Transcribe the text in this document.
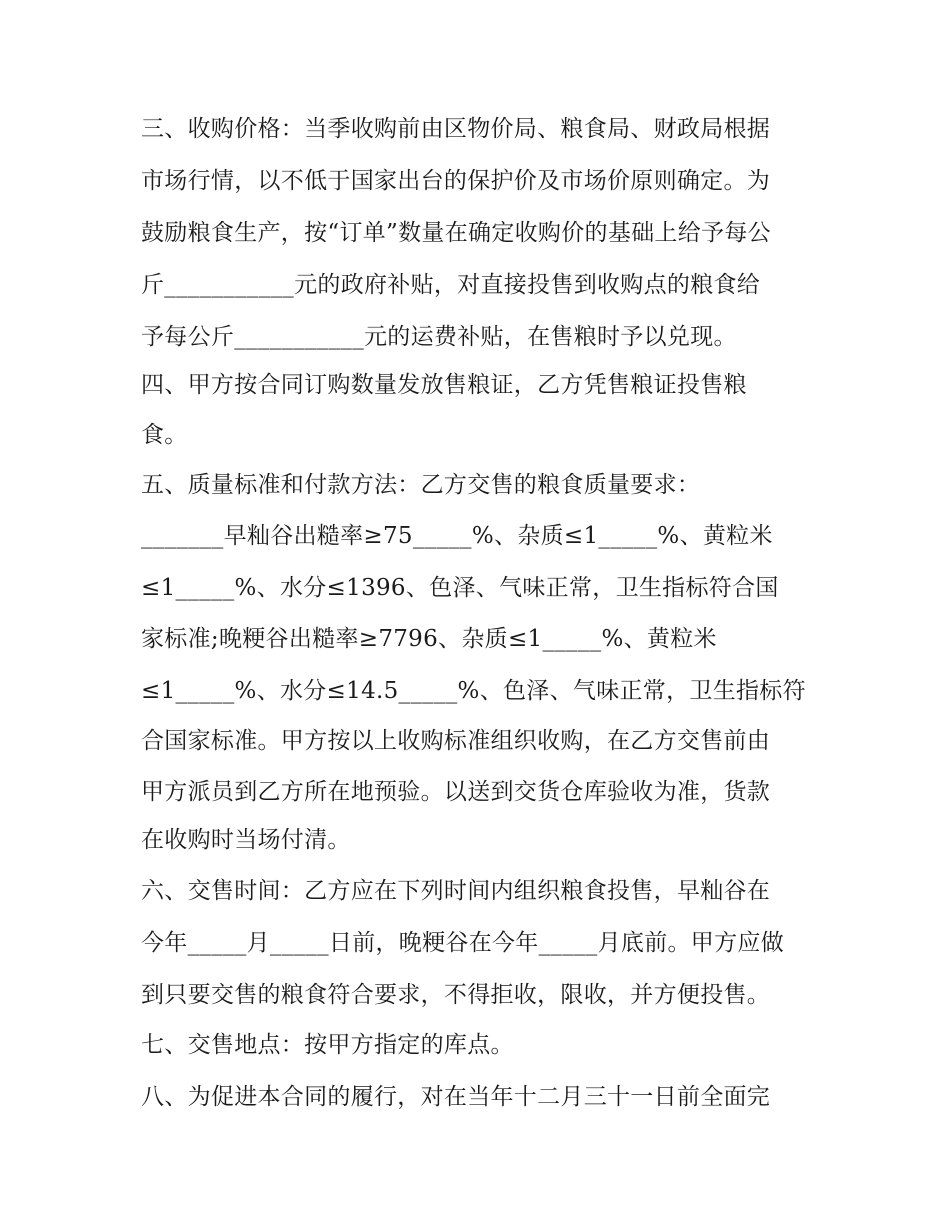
三、收购价格：当季收购前由区物价局、粮食局、财政局根据
市场行情，以不低于国家出台的保护价及市场价原则确定。为
鼓励粮食生产，按“订单”数量在确定收购价的基础上给予每公
斤___________元的政府补贴，对直接投售到收购点的粮食给
予每公斤___________元的运费补贴，在售粮时予以兑现。
四、甲方按合同订购数量发放售粮证，乙方凭售粮证投售粮
食。
五、质量标准和付款方法：乙方交售的粮食质量要求：
_______早籼谷出糙率≥75_____%、杂质≤1_____%、黄粒米
≤1_____%、水分≤1396、色泽、气味正常，卫生指标符合国
家标准;晚粳谷出糙率≥7796、杂质≤1_____%、黄粒米
≤1_____%、水分≤14.5_____%、色泽、气味正常，卫生指标符
合国家标准。甲方按以上收购标准组织收购，在乙方交售前由
甲方派员到乙方所在地预验。以送到交货仓库验收为准，货款
在收购时当场付清。
六、交售时间：乙方应在下列时间内组织粮食投售，早籼谷在
今年_____月_____日前，晚粳谷在今年_____月底前。甲方应做
到只要交售的粮食符合要求，不得拒收，限收，并方便投售。
七、交售地点：按甲方指定的库点。
八、为促进本合同的履行，对在当年十二月三十一日前全面完
